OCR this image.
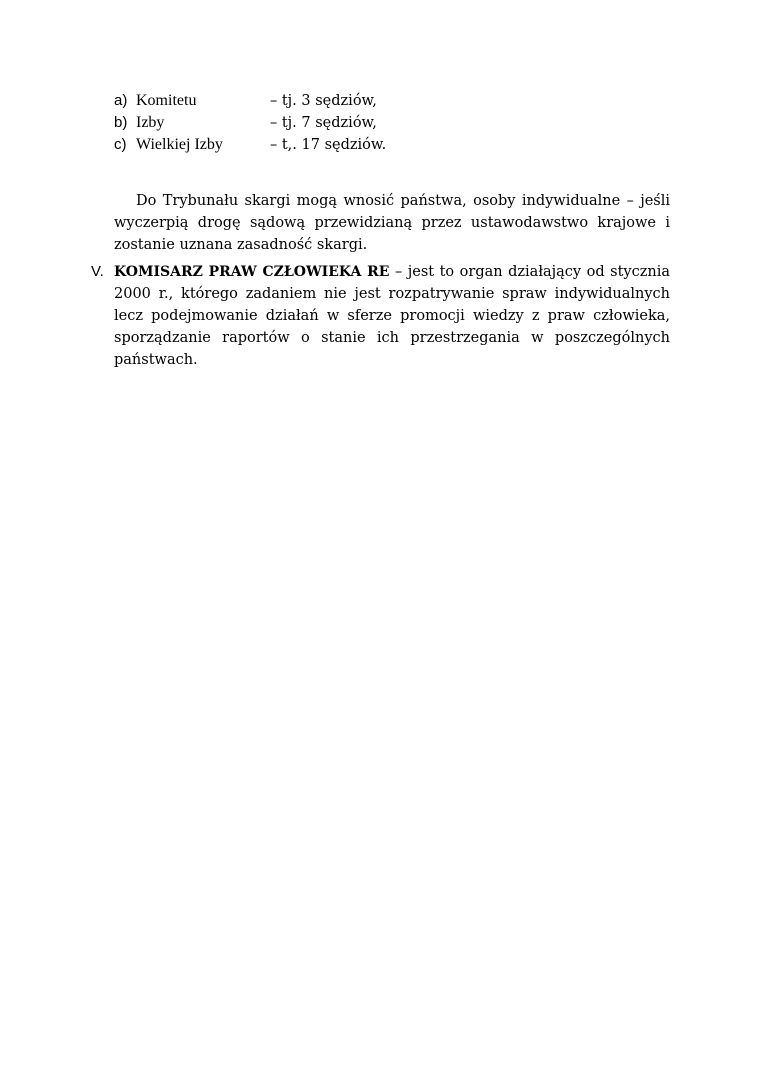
a) Komitetu	– tj. 3 sędziów,
b) Izby	– tj. 7 sędziów,
c) Wielkiej Izby	– t,. 17 sędziów.

Do Trybunału skargi mogą wnosić państwa, osoby indywidualne – jeśli wyczerpią drogę sądową przewidzianą przez ustawodawstwo krajowe i zostanie uznana zasadność skargi.

V. KOMISARZ PRAW CZŁOWIEKA RE – jest to organ działający od stycznia 2000 r., którego zadaniem nie jest rozpatrywanie spraw indywidualnych lecz podejmowanie działań w sferze promocji wiedzy z praw człowieka, sporządzanie raportów o stanie ich przestrzegania w poszczególnych państwach.
